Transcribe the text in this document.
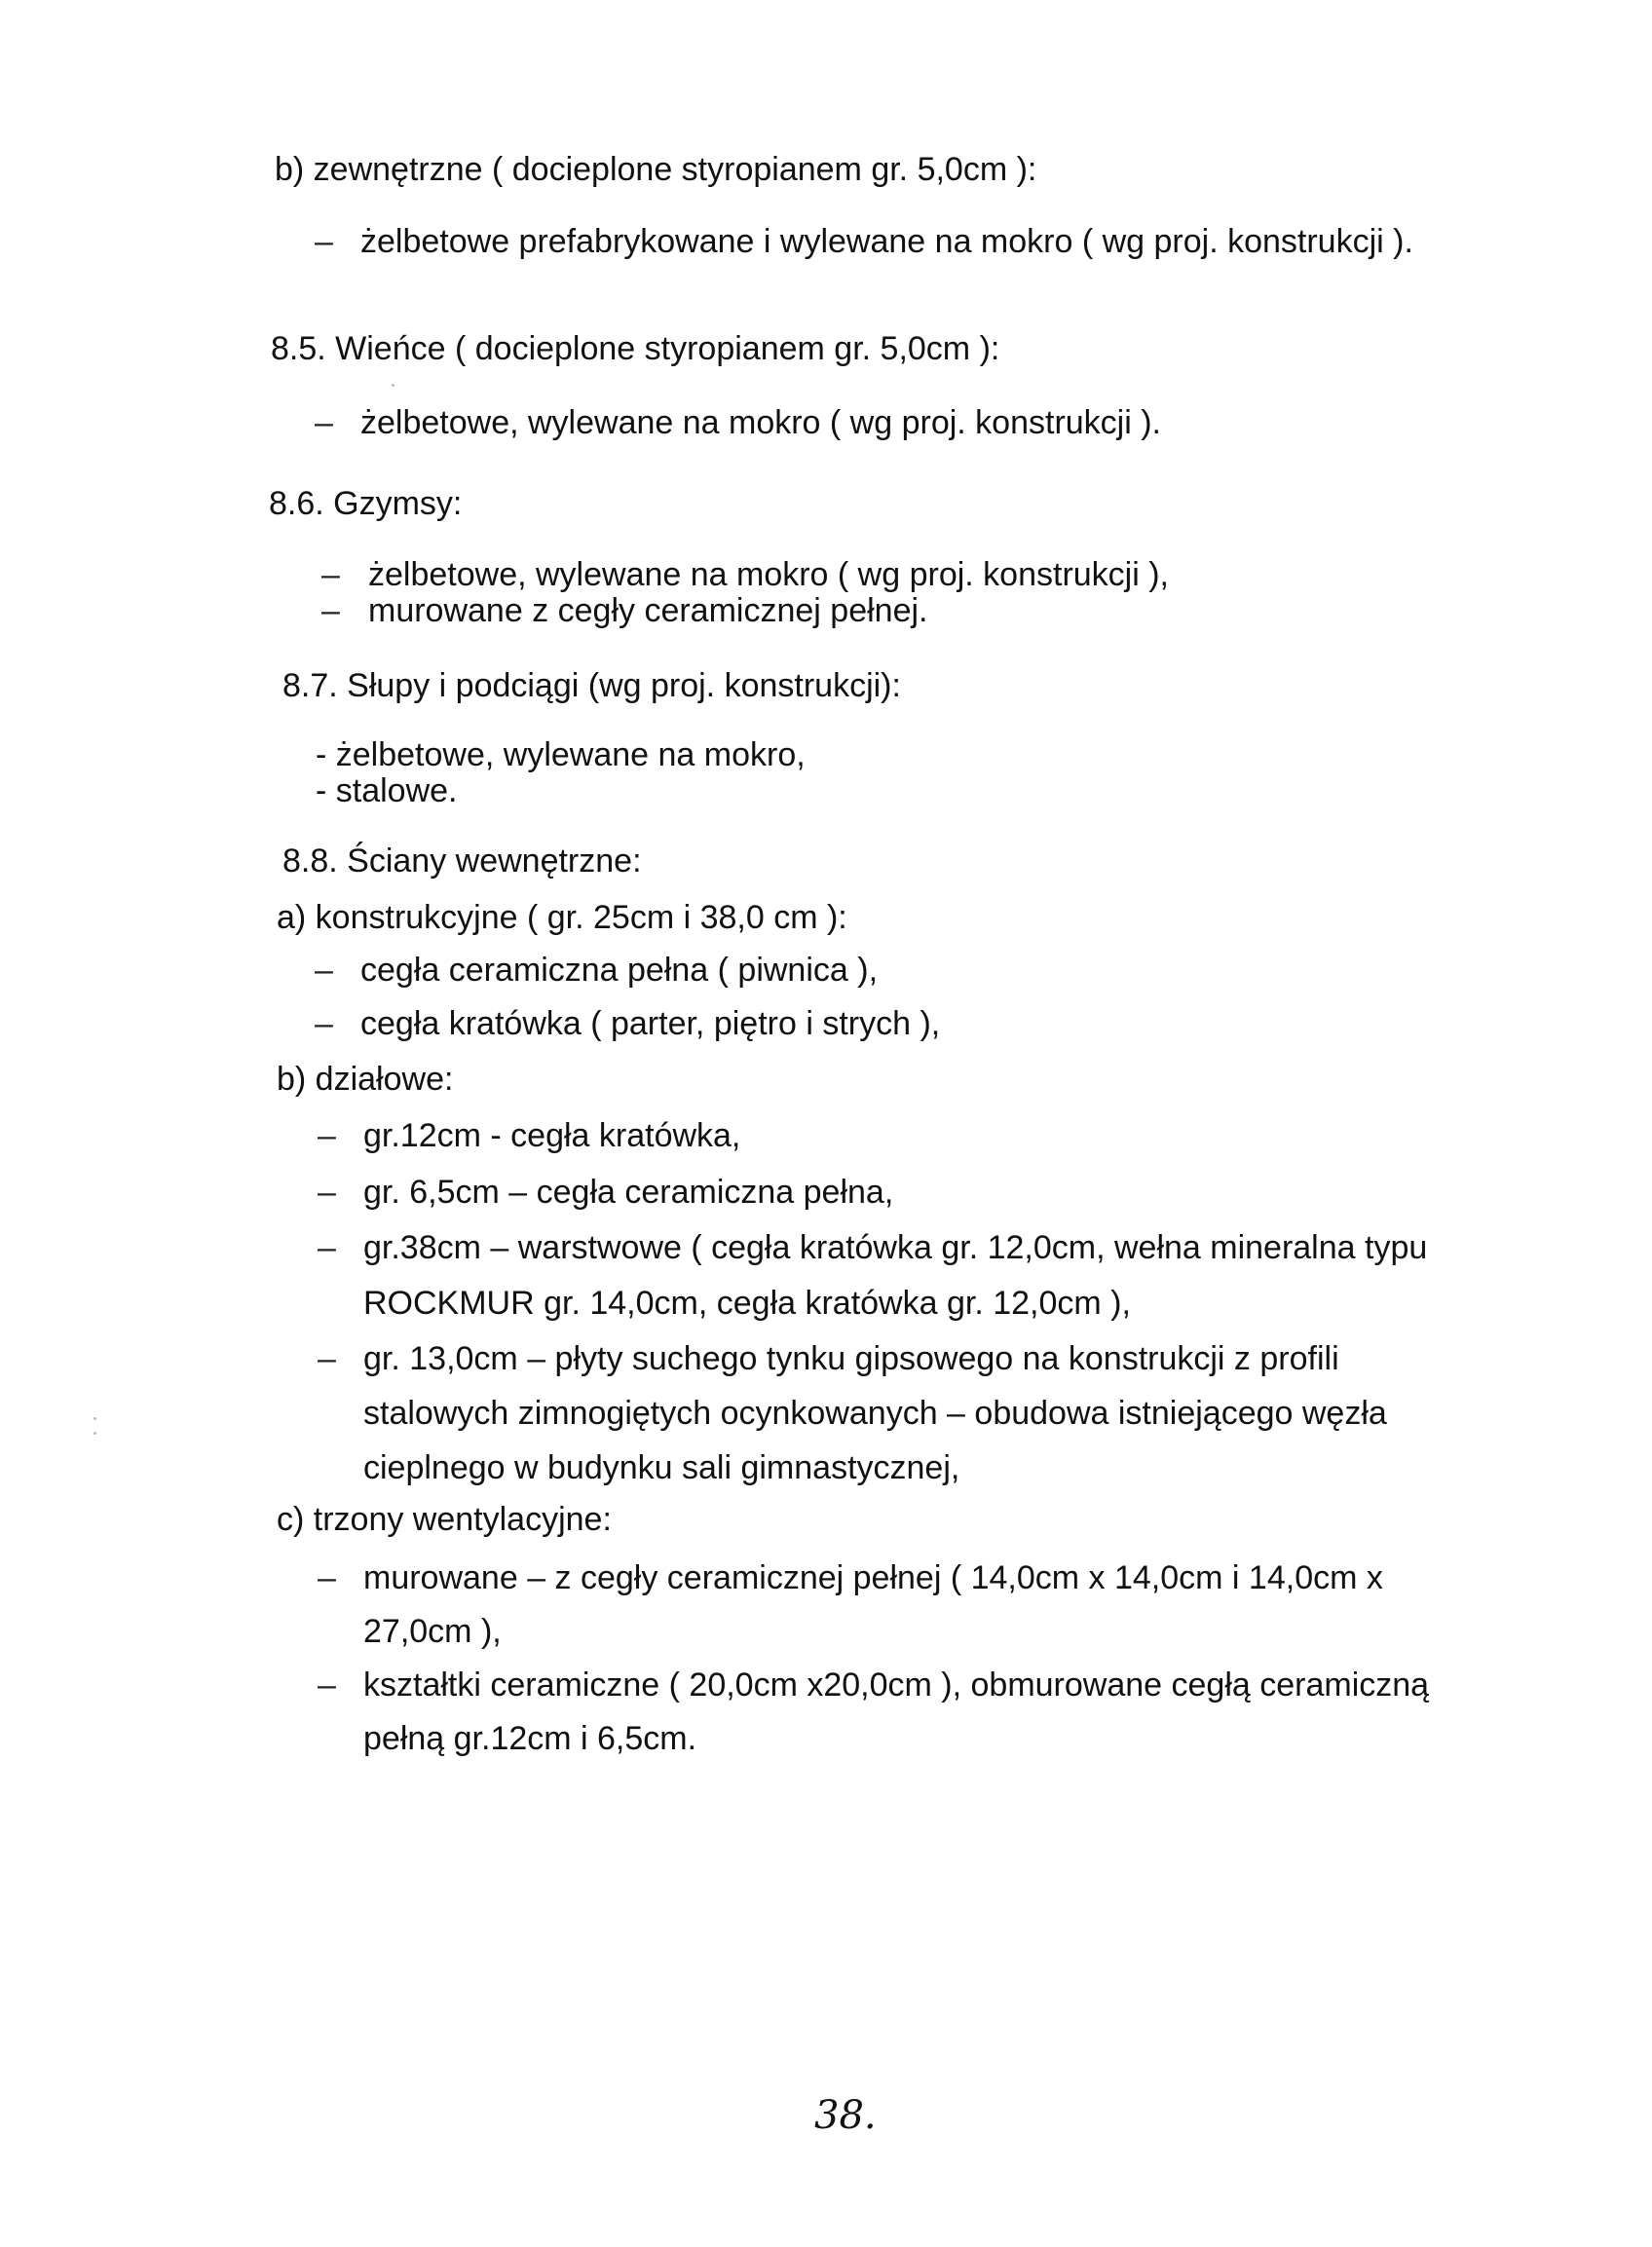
b) zewnętrzne ( docieplone styropianem gr. 5,0cm ):
– żelbetowe prefabrykowane i wylewane na mokro ( wg proj. konstrukcji ).
8.5. Wieńce ( docieplone styropianem gr. 5,0cm ):
– żelbetowe, wylewane na mokro ( wg proj. konstrukcji ).
8.6. Gzymsy:
– żelbetowe, wylewane na mokro ( wg proj. konstrukcji ),
– murowane z cegły ceramicznej pełnej.
8.7. Słupy i podciągi (wg proj. konstrukcji):
- żelbetowe, wylewane na mokro,
- stalowe.
8.8. Ściany wewnętrzne:
a) konstrukcyjne ( gr. 25cm i 38,0 cm ):
– cegła ceramiczna pełna ( piwnica ),
– cegła kratówka ( parter, piętro i strych ),
b) działowe:
– gr.12cm - cegła kratówka,
– gr. 6,5cm – cegła ceramiczna pełna,
– gr.38cm – warstwowe ( cegła kratówka gr. 12,0cm, wełna mineralna typu
ROCKMUR gr. 14,0cm, cegła kratówka gr. 12,0cm ),
– gr. 13,0cm – płyty suchego tynku gipsowego na konstrukcji z profili
stalowych zimnogiętych ocynkowanych – obudowa istniejącego węzła
cieplnego w budynku sali gimnastycznej,
c) trzony wentylacyjne:
– murowane – z cegły ceramicznej pełnej ( 14,0cm x 14,0cm i 14,0cm x
27,0cm ),
– kształtki ceramiczne ( 20,0cm x20,0cm ), obmurowane cegłą ceramiczną
pełną gr.12cm i 6,5cm.
38.
